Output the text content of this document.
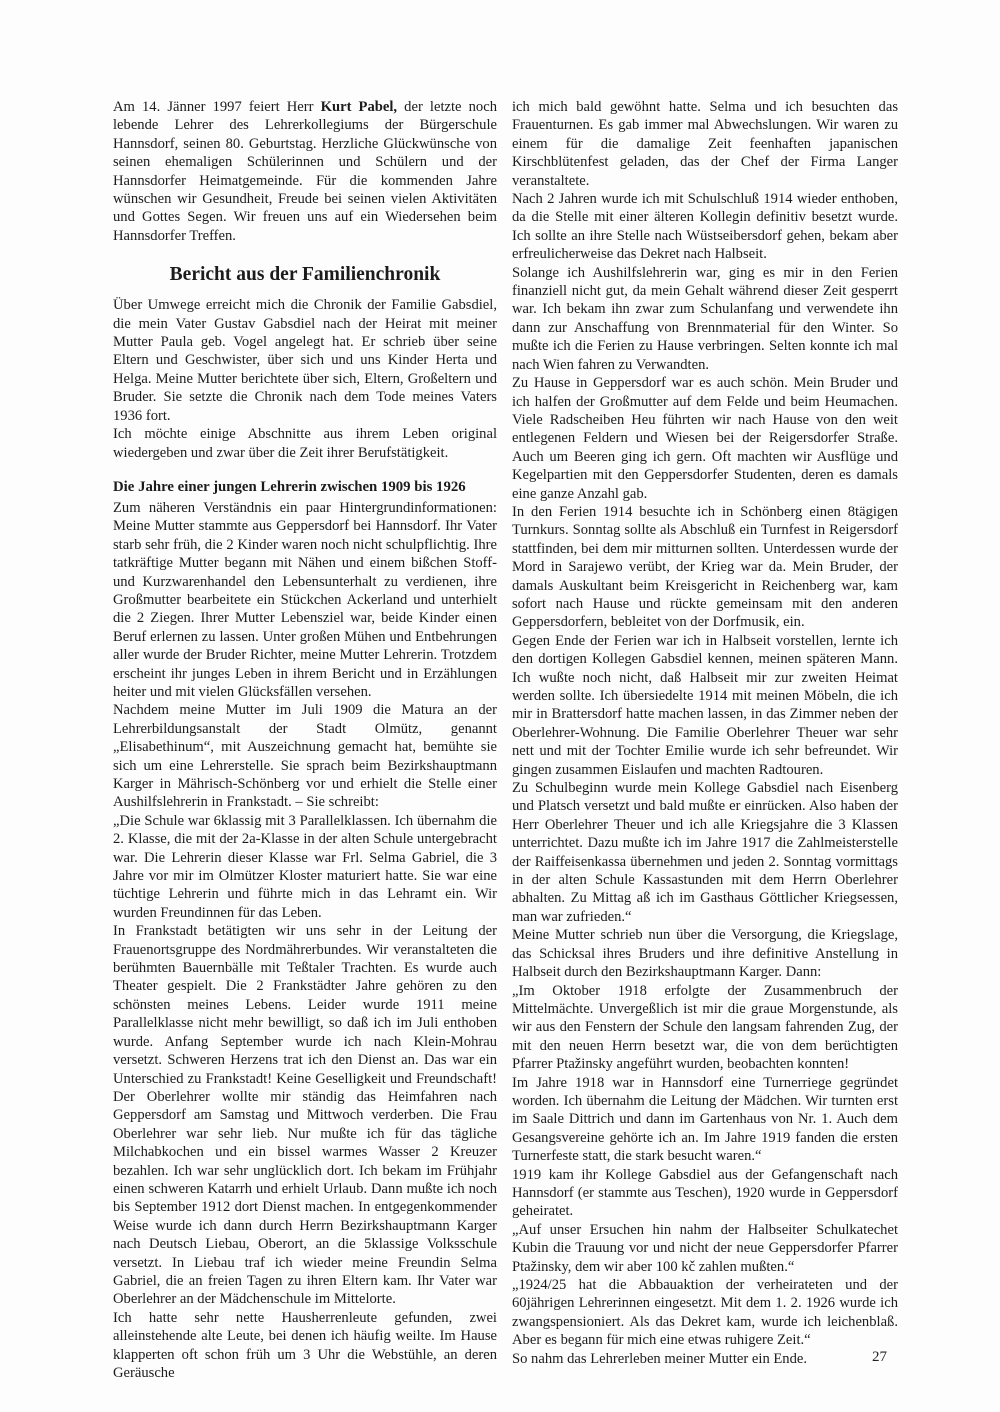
Am 14. Jänner 1997 feiert Herr Kurt Pabel, der letzte noch lebende Lehrer des Lehrerkollegiums der Bürgerschule Hannsdorf, seinen 80. Geburtstag. Herzliche Glückwünsche von seinen ehemaligen Schülerinnen und Schülern und der Hannsdorfer Heimatgemeinde. Für die kommenden Jahre wünschen wir Gesundheit, Freude bei seinen vielen Aktivitäten und Gottes Segen. Wir freuen uns auf ein Wiedersehen beim Hannsdorfer Treffen.

Bericht aus der Familienchronik

Über Umwege erreicht mich die Chronik der Familie Gabsdiel, die mein Vater Gustav Gabsdiel nach der Heirat mit meiner Mutter Paula geb. Vogel angelegt hat. Er schrieb über seine Eltern und Geschwister, über sich und uns Kinder Herta und Helga. Meine Mutter berichtete über sich, Eltern, Großeltern und Bruder. Sie setzte die Chronik nach dem Tode meines Vaters 1936 fort.

Ich möchte einige Abschnitte aus ihrem Leben original wiedergeben und zwar über die Zeit ihrer Berufstätigkeit.

Die Jahre einer jungen Lehrerin zwischen 1909 bis 1926

Zum näheren Verständnis ein paar Hintergrundinformationen: Meine Mutter stammte aus Geppersdorf bei Hannsdorf. Ihr Vater starb sehr früh, die 2 Kinder waren noch nicht schulpflichtig. Ihre tatkräftige Mutter begann mit Nähen und einem bißchen Stoff- und Kurzwarenhandel den Lebensunterhalt zu verdienen, ihre Großmutter bearbeitete ein Stückchen Ackerland und unterhielt die 2 Ziegen. Ihrer Mutter Lebensziel war, beide Kinder einen Beruf erlernen zu lassen. Unter großen Mühen und Entbehrungen aller wurde der Bruder Richter, meine Mutter Lehrerin. Trotzdem erscheint ihr junges Leben in ihrem Bericht und in Erzählungen heiter und mit vielen Glücksfällen versehen.

Nachdem meine Mutter im Juli 1909 die Matura an der Lehrerbildungsanstalt der Stadt Olmütz, genannt „Elisabethinum“, mit Auszeichnung gemacht hat, bemühte sie sich um eine Lehrerstelle. Sie sprach beim Bezirkshauptmann Karger in Mährisch-Schönberg vor und erhielt die Stelle einer Aushilfslehrerin in Frankstadt. – Sie schreibt:

„Die Schule war 6klassig mit 3 Parallelklassen. Ich übernahm die 2. Klasse, die mit der 2a-Klasse in der alten Schule untergebracht war. Die Lehrerin dieser Klasse war Frl. Selma Gabriel, die 3 Jahre vor mir im Olmützer Kloster maturiert hatte. Sie war eine tüchtige Lehrerin und führte mich in das Lehramt ein. Wir wurden Freundinnen für das Leben.

In Frankstadt betätigten wir uns sehr in der Leitung der Frauenortsgruppe des Nordmährerbundes. Wir veranstalteten die berühmten Bauernbälle mit Teßtaler Trachten. Es wurde auch Theater gespielt. Die 2 Frankstädter Jahre gehören zu den schönsten meines Lebens. Leider wurde 1911 meine Parallelklasse nicht mehr bewilligt, so daß ich im Juli enthoben wurde. Anfang September wurde ich nach Klein-Mohrau versetzt. Schweren Herzens trat ich den Dienst an. Das war ein Unterschied zu Frankstadt! Keine Geselligkeit und Freundschaft! Der Oberlehrer wollte mir ständig das Heimfahren nach Geppersdorf am Samstag und Mittwoch verderben. Die Frau Oberlehrer war sehr lieb. Nur mußte ich für das tägliche Milchabkochen und ein bissel warmes Wasser 2 Kreuzer bezahlen. Ich war sehr unglücklich dort. Ich bekam im Frühjahr einen schweren Katarrh und erhielt Urlaub. Dann mußte ich noch bis September 1912 dort Dienst machen. In entgegenkommender Weise wurde ich dann durch Herrn Bezirkshauptmann Karger nach Deutsch Liebau, Oberort, an die 5klassige Volksschule versetzt. In Liebau traf ich wieder meine Freundin Selma Gabriel, die an freien Tagen zu ihren Eltern kam. Ihr Vater war Oberlehrer an der Mädchenschule im Mittelorte.

Ich hatte sehr nette Hausherrenleute gefunden, zwei alleinstehende alte Leute, bei denen ich häufig weilte. Im Hause klapperten oft schon früh um 3 Uhr die Webstühle, an deren Geräusche

ich mich bald gewöhnt hatte. Selma und ich besuchten das Frauenturnen. Es gab immer mal Abwechslungen. Wir waren zu einem für die damalige Zeit feenhaften japanischen Kirschblütenfest geladen, das der Chef der Firma Langer veranstaltete.

Nach 2 Jahren wurde ich mit Schulschluß 1914 wieder enthoben, da die Stelle mit einer älteren Kollegin definitiv besetzt wurde. Ich sollte an ihre Stelle nach Wüstseibersdorf gehen, bekam aber erfreulicherweise das Dekret nach Halbseit.

Solange ich Aushilfslehrerin war, ging es mir in den Ferien finanziell nicht gut, da mein Gehalt während dieser Zeit gesperrt war. Ich bekam ihn zwar zum Schulanfang und verwendete ihn dann zur Anschaffung von Brennmaterial für den Winter. So mußte ich die Ferien zu Hause verbringen. Selten konnte ich mal nach Wien fahren zu Verwandten.

Zu Hause in Geppersdorf war es auch schön. Mein Bruder und ich halfen der Großmutter auf dem Felde und beim Heumachen. Viele Radscheiben Heu führten wir nach Hause von den weit entlegenen Feldern und Wiesen bei der Reigersdorfer Straße. Auch um Beeren ging ich gern. Oft machten wir Ausflüge und Kegelpartien mit den Geppersdorfer Studenten, deren es damals eine ganze Anzahl gab.

In den Ferien 1914 besuchte ich in Schönberg einen 8tägigen Turnkurs. Sonntag sollte als Abschluß ein Turnfest in Reigersdorf stattfinden, bei dem mir mitturnen sollten. Unterdessen wurde der Mord in Sarajewo verübt, der Krieg war da. Mein Bruder, der damals Auskultant beim Kreisgericht in Reichenberg war, kam sofort nach Hause und rückte gemeinsam mit den anderen Geppersdorfern, bebleitet von der Dorfmusik, ein.

Gegen Ende der Ferien war ich in Halbseit vorstellen, lernte ich den dortigen Kollegen Gabsdiel kennen, meinen späteren Mann. Ich wußte noch nicht, daß Halbseit mir zur zweiten Heimat werden sollte. Ich übersiedelte 1914 mit meinen Möbeln, die ich mir in Brattersdorf hatte machen lassen, in das Zimmer neben der Oberlehrer-Wohnung. Die Familie Oberlehrer Theuer war sehr nett und mit der Tochter Emilie wurde ich sehr befreundet. Wir gingen zusammen Eislaufen und machten Radtouren.

Zu Schulbeginn wurde mein Kollege Gabsdiel nach Eisenberg und Platsch versetzt und bald mußte er einrücken. Also haben der Herr Oberlehrer Theuer und ich alle Kriegsjahre die 3 Klassen unterrichtet. Dazu mußte ich im Jahre 1917 die Zahlmeisterstelle der Raiffeisenkassa übernehmen und jeden 2. Sonntag vormittags in der alten Schule Kassastunden mit dem Herrn Oberlehrer abhalten. Zu Mittag aß ich im Gasthaus Göttlicher Kriegsessen, man war zufrieden.“

Meine Mutter schrieb nun über die Versorgung, die Kriegslage, das Schicksal ihres Bruders und ihre definitive Anstellung in Halbseit durch den Bezirkshauptmann Karger. Dann:

„Im Oktober 1918 erfolgte der Zusammenbruch der Mittelmächte. Unvergeßlich ist mir die graue Morgenstunde, als wir aus den Fenstern der Schule den langsam fahrenden Zug, der mit den neuen Herrn besetzt war, die von dem berüchtigten Pfarrer Ptažinsky angeführt wurden, beobachten konnten!

Im Jahre 1918 war in Hannsdorf eine Turnerriege gegründet worden. Ich übernahm die Leitung der Mädchen. Wir turnten erst im Saale Dittrich und dann im Gartenhaus von Nr. 1. Auch dem Gesangsvereine gehörte ich an. Im Jahre 1919 fanden die ersten Turnerfeste statt, die stark besucht waren.“

1919 kam ihr Kollege Gabsdiel aus der Gefangenschaft nach Hannsdorf (er stammte aus Teschen), 1920 wurde in Geppersdorf geheiratet.

„Auf unser Ersuchen hin nahm der Halbseiter Schulkatechet Kubin die Trauung vor und nicht der neue Geppersdorfer Pfarrer Ptažinsky, dem wir aber 100 kč zahlen mußten.“

„1924/25 hat die Abbauaktion der verheirateten und der 60jährigen Lehrerinnen eingesetzt. Mit dem 1. 2. 1926 wurde ich zwangspensioniert. Als das Dekret kam, wurde ich leichenblaß. Aber es begann für mich eine etwas ruhigere Zeit.“

So nahm das Lehrerleben meiner Mutter ein Ende.	27
